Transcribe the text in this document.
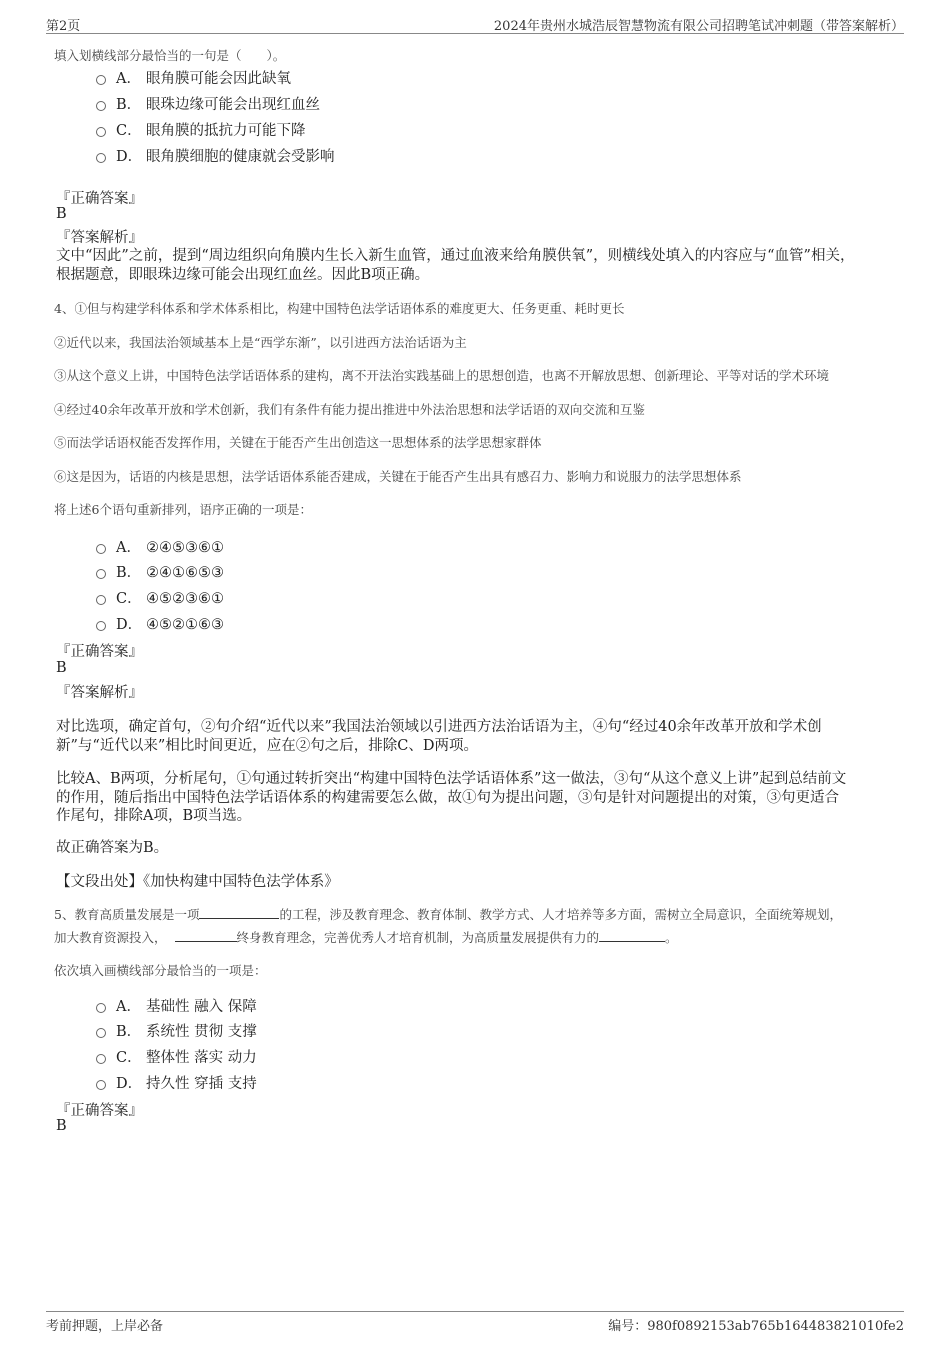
第2页	2024年贵州水城浩辰智慧物流有限公司招聘笔试冲刺题（带答案解析）
填入划横线部分最恰当的一句是（　　）。
A． 眼角膜可能会因此缺氧
B． 眼珠边缘可能会出现红血丝
C． 眼角膜的抵抗力可能下降
D． 眼角膜细胞的健康就会受影响
『正确答案』
B
『答案解析』
文中“因此”之前，提到“周边组织向角膜内生长入新生血管，通过血液来给角膜供氧”，则横线处填入的内容应与“血管”相关，
根据题意，即眼珠边缘可能会出现红血丝。因此B项正确。
4、①但与构建学科体系和学术体系相比，构建中国特色法学话语体系的难度更大、任务更重、耗时更长
②近代以来，我国法治领域基本上是“西学东渐”，以引进西方法治话语为主
③从这个意义上讲，中国特色法学话语体系的建构，离不开法治实践基础上的思想创造，也离不开解放思想、创新理论、平等对话的学术环境
④经过40余年改革开放和学术创新，我们有条件有能力提出推进中外法治思想和法学话语的双向交流和互鉴
⑤而法学话语权能否发挥作用，关键在于能否产生出创造这一思想体系的法学思想家群体
⑥这是因为，话语的内核是思想，法学话语体系能否建成，关键在于能否产生出具有感召力、影响力和说服力的法学思想体系
将上述6个语句重新排列，语序正确的一项是：
A． ②④⑤③⑥①
B． ②④①⑥⑤③
C． ④⑤②③⑥①
D． ④⑤②①⑥③
『正确答案』
B
『答案解析』
对比选项，确定首句，②句介绍“近代以来”我国法治领域以引进西方法治话语为主，④句“经过40余年改革开放和学术创
新”与“近代以来”相比时间更近，应在②句之后，排除C、D两项。
比较A、B两项，分析尾句，①句通过转折突出“构建中国特色法学话语体系”这一做法，③句“从这个意义上讲”起到总结前文
的作用，随后指出中国特色法学话语体系的构建需要怎么做，故①句为提出问题，③句是针对问题提出的对策，③句更适合
作尾句，排除A项，B项当选。
故正确答案为B。
【文段出处】《加快构建中国特色法学体系》
5、教育高质量发展是一项	的工程，涉及教育理念、教育体制、教学方式、人才培养等多方面，需树立全局意识，全面统筹规划，
加大教育资源投入，	终身教育理念，完善优秀人才培育机制，为高质量发展提供有力的	。
依次填入画横线部分最恰当的一项是：
A． 基础性 融入 保障
B． 系统性 贯彻 支撑
C． 整体性 落实 动力
D． 持久性 穿插 支持
『正确答案』
B
考前押题，上岸必备	编号：980f0892153ab765b164483821010fe2
